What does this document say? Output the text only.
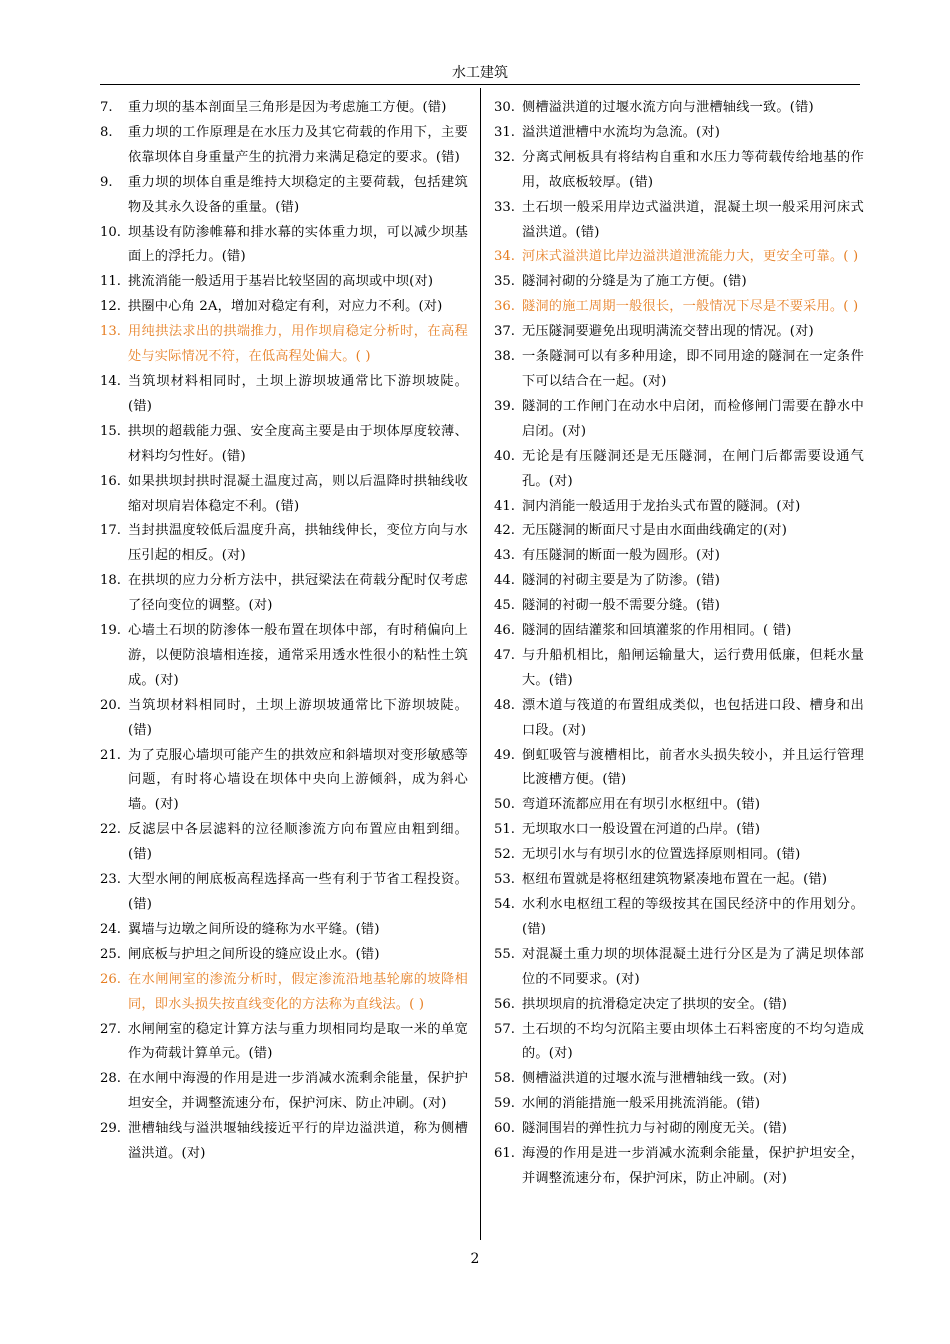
水工建筑
7.	重力坝的基本剖面呈三角形是因为考虑施工方便。(错)
8.	重力坝的工作原理是在水压力及其它荷载的作用下，主要依靠坝体自身重量产生的抗滑力来满足稳定的要求。(错)
9.	重力坝的坝体自重是维持大坝稳定的主要荷载，包括建筑物及其永久设备的重量。(错)
10. 坝基设有防渗帷幕和排水幕的实体重力坝，可以减少坝基面上的浮托力。(错)
11. 挑流消能一般适用于基岩比较坚固的高坝或中坝(对)
12. 拱圈中心角 2A，增加对稳定有利，对应力不利。(对)
13. 用纯拱法求出的拱端推力，用作坝肩稳定分析时，在高程处与实际情况不符，在低高程处偏大。( )
14. 当筑坝材料相同时，土坝上游坝坡通常比下游坝坡陡。(错)
15. 拱坝的超载能力强、安全度高主要是由于坝体厚度较薄、材料均匀性好。(错)
16. 如果拱坝封拱时混凝土温度过高，则以后温降时拱轴线收缩对坝肩岩体稳定不利。(错)
17. 当封拱温度较低后温度升高，拱轴线伸长，变位方向与水压引起的相反。(对)
18. 在拱坝的应力分析方法中，拱冠梁法在荷载分配时仅考虑了径向变位的调整。(对)
19. 心墙土石坝的防渗体一般布置在坝体中部，有时稍偏向上游，以便防浪墙相连接，通常采用透水性很小的粘性土筑成。(对)
20. 当筑坝材料相同时，土坝上游坝坡通常比下游坝坡陡。(错)
21. 为了克服心墙坝可能产生的拱效应和斜墙坝对变形敏感等问题，有时将心墙设在坝体中央向上游倾斜，成为斜心墙。(对)
22. 反滤层中各层滤料的泣径顺渗流方向布置应由粗到细。(错)
23. 大型水闸的闸底板高程选择高一些有利于节省工程投资。(错)
24. 翼墙与边墩之间所设的缝称为水平缝。(错)
25. 闸底板与护坦之间所设的缝应设止水。(错)
26. 在水闸闸室的渗流分析时，假定渗流沿地基轮廓的坡降相同，即水头损失按直线变化的方法称为直线法。( )
27. 水闸闸室的稳定计算方法与重力坝相同均是取一米的单宽作为荷载计算单元。(错)
28. 在水闸中海漫的作用是进一步消减水流剩余能量，保护护坦安全，并调整流速分布，保护河床、防止冲刷。(对)
29. 泄槽轴线与溢洪堰轴线接近平行的岸边溢洪道，称为侧槽溢洪道。(对)
30. 侧槽溢洪道的过堰水流方向与泄槽轴线一致。(错)
31. 溢洪道泄槽中水流均为急流。(对)
32. 分离式闸板具有将结构自重和水压力等荷载传给地基的作用，故底板较厚。(错)
33. 土石坝一般采用岸边式溢洪道，混凝土坝一般采用河床式溢洪道。(错)
34. 河床式溢洪道比岸边溢洪道泄流能力大，更安全可靠。( )
35. 隧洞衬砌的分缝是为了施工方便。(错)
36. 隧洞的施工周期一般很长，一般情况下尽是不要采用。( )
37. 无压隧洞要避免出现明满流交替出现的情况。(对)
38. 一条隧洞可以有多种用途，即不同用途的隧洞在一定条件下可以结合在一起。(对)
39. 隧洞的工作闸门在动水中启闭，而检修闸门需要在静水中启闭。(对)
40. 无论是有压隧洞还是无压隧洞，在闸门后都需要设通气孔。(对)
41. 洞内消能一般适用于龙抬头式布置的隧洞。(对)
42. 无压隧洞的断面尺寸是由水面曲线确定的(对)
43. 有压隧洞的断面一般为圆形。(对)
44. 隧洞的衬砌主要是为了防渗。(错)
45. 隧洞的衬砌一般不需要分缝。(错)
46. 隧洞的固结灌浆和回填灌浆的作用相同。( 错)
47. 与升船机相比，船闸运输量大，运行费用低廉，但耗水量大。(错)
48. 漂木道与筏道的布置组成类似，也包括进口段、槽身和出口段。(对)
49. 倒虹吸管与渡槽相比，前者水头损失较小，并且运行管理比渡槽方便。(错)
50. 弯道环流都应用在有坝引水枢纽中。(错)
51. 无坝取水口一般设置在河道的凸岸。(错)
52. 无坝引水与有坝引水的位置选择原则相同。(错)
53. 枢纽布置就是将枢纽建筑物紧凑地布置在一起。(错)
54. 水利水电枢纽工程的等级按其在国民经济中的作用划分。(错)
55. 对混凝土重力坝的坝体混凝土进行分区是为了满足坝体部位的不同要求。(对)
56. 拱坝坝肩的抗滑稳定决定了拱坝的安全。(错)
57. 土石坝的不均匀沉陷主要由坝体土石料密度的不均匀造成的。(对)
58. 侧槽溢洪道的过堰水流与泄槽轴线一致。(对)
59. 水闸的消能措施一般采用挑流消能。(错)
60. 隧洞围岩的弹性抗力与衬砌的刚度无关。(错)
61. 海漫的作用是进一步消减水流剩余能量，保护护坦安全，并调整流速分布，保护河床，防止冲刷。(对)
2
